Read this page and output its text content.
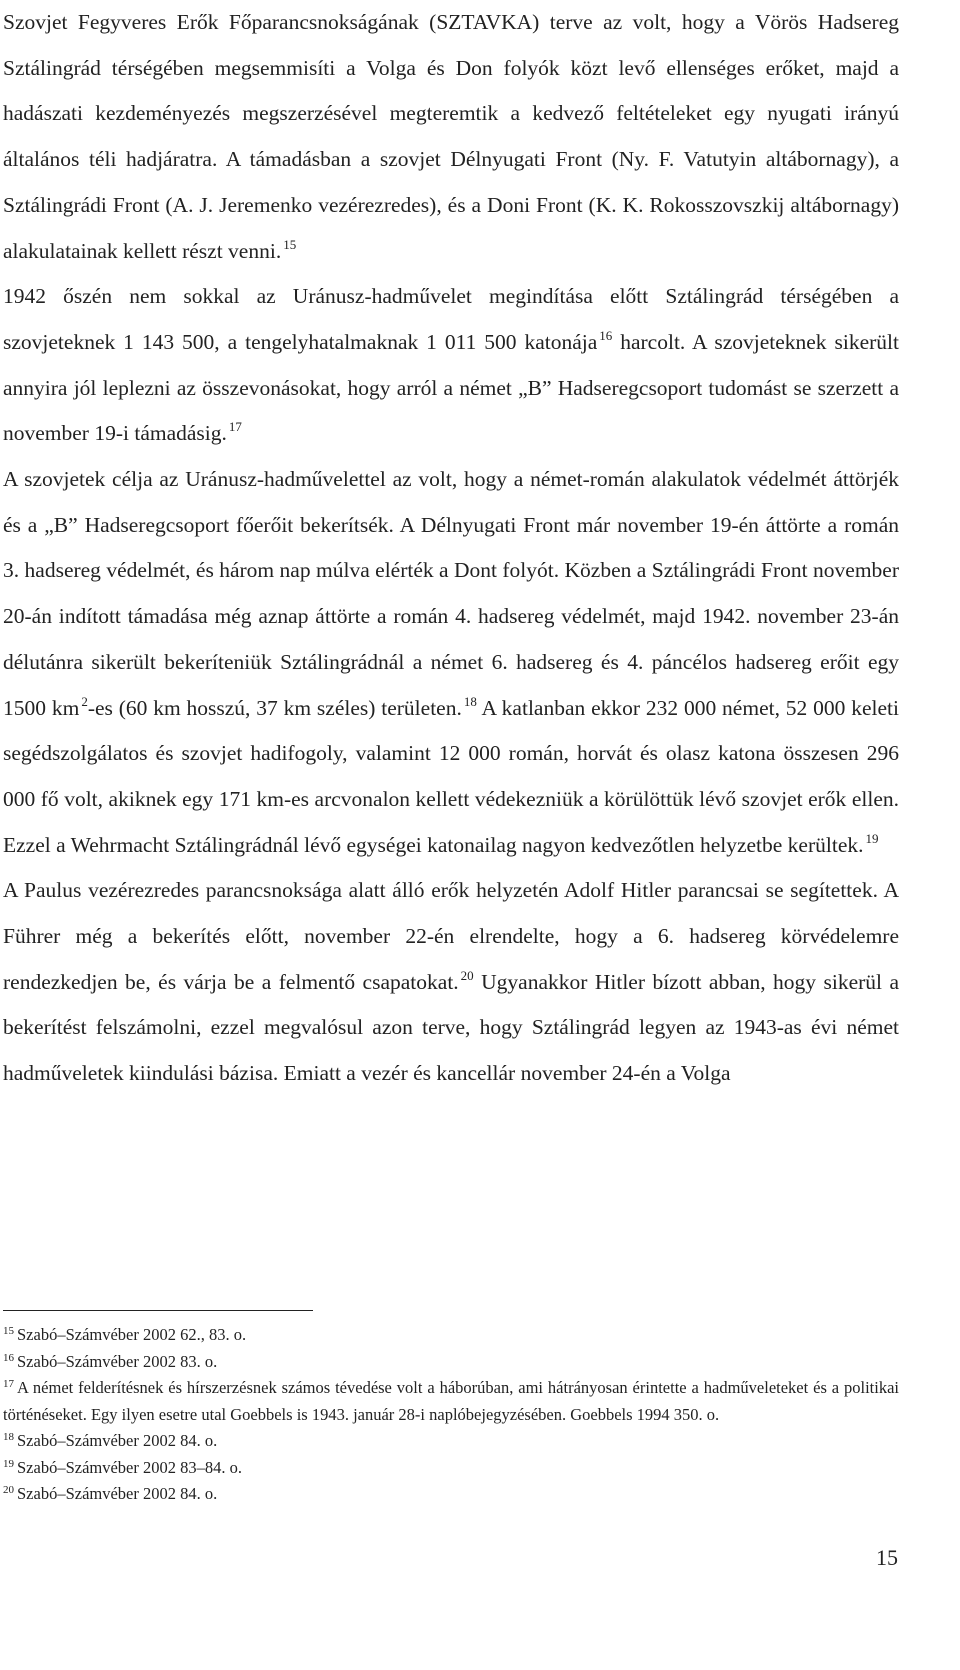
Szovjet Fegyveres Erők Főparancsnokságának (SZTAVKA) terve az volt, hogy a Vörös Hadsereg Sztálingrád térségében megsemmisíti a Volga és Don folyók közt levő ellenséges erőket, majd a hadászati kezdeményezés megszerzésével megteremtik a kedvező feltételeket egy nyugati irányú általános téli hadjáratra. A támadásban a szovjet Délnyugati Front (Ny. F. Vatutyin altábornagy), a Sztálingrádi Front (A. J. Jeremenko vezérezredes), és a Doni Front (K. K. Rokosszovszkij altábornagy) alakulatainak kellett részt venni. $^{15}$

1942 őszén nem sokkal az Uránusz-hadművelet megindítása előtt Sztálingrád térségében a szovjeteknek 1 143 500, a tengelyhatalmaknak 1 011 500 katonája $^{16}$ harcolt. A szovjeteknek sikerült annyira jól leplezni az összevonásokat, hogy arról a német „B” Hadseregcsoport tudomást se szerzett a november 19-i támadásig. $^{17}$

A szovjetek célja az Uránusz-hadművelettel az volt, hogy a német-román alakulatok védelmét áttörjék és a „B” Hadseregcsoport főerőit bekerítsék. A Délnyugati Front már november 19-én áttörte a román 3. hadsereg védelmét, és három nap múlva elérték a Dont folyót. Közben a Sztálingrádi Front november 20-án indított támadása még aznap áttörte a román 4. hadsereg védelmét, majd 1942. november 23-án délutánra sikerült bekeríteniük Sztálingrádnál a német 6. hadsereg és 4. páncélos hadsereg erőit egy 1500 km $^2$-es (60 km hosszú, 37 km széles) területen. $^{18}$ A katlanban ekkor 232 000 német, 52 000 keleti segédszolgálatos és szovjet hadifogoly, valamint 12 000 román, horvát és olasz katona összesen 296 000 fő volt, akiknek egy 171 km-es arcvonalon kellett védekezniük a körülöttük lévő szovjet erők ellen. Ezzel a Wehrmacht Sztálingrádnál lévő egységei katonailag nagyon kedvezőtlen helyzetbe kerültek. $^{19}$

A Paulus vezérezredes parancsnoksága alatt álló erők helyzetén Adolf Hitler parancsai se segítettek. A Führer még a bekerítés előtt, november 22-én elrendelte, hogy a 6. hadsereg körvédelemre rendezkedjen be, és várja be a felmentő csapatokat. $^{20}$ Ugyanakkor Hitler bízott abban, hogy sikerül a bekerítést felszámolni, ezzel megvalósul azon terve, hogy Sztálingrád legyen az 1943-as évi német hadműveletek kiindulási bázisa. Emiatt a vezér és kancellár november 24-én a Volga

$^{15}$ Szabó–Számvéber 2002 62., 83. o.

$^{16}$ Szabó–Számvéber 2002 83. o.

$^{17}$ A német felderítésnek és hírszerzésnek számos tévedése volt a háborúban, ami hátrányosan érintette a hadműveleteket és a politikai történéseket. Egy ilyen esetre utal Goebbels is 1943. január 28-i naplóbejegyzésében. Goebbels 1994 350. o.

$^{18}$ Szabó–Számvéber 2002 84. o.

$^{19}$ Szabó–Számvéber 2002 83–84. o.

$^{20}$ Szabó–Számvéber 2002 84. o.

15
